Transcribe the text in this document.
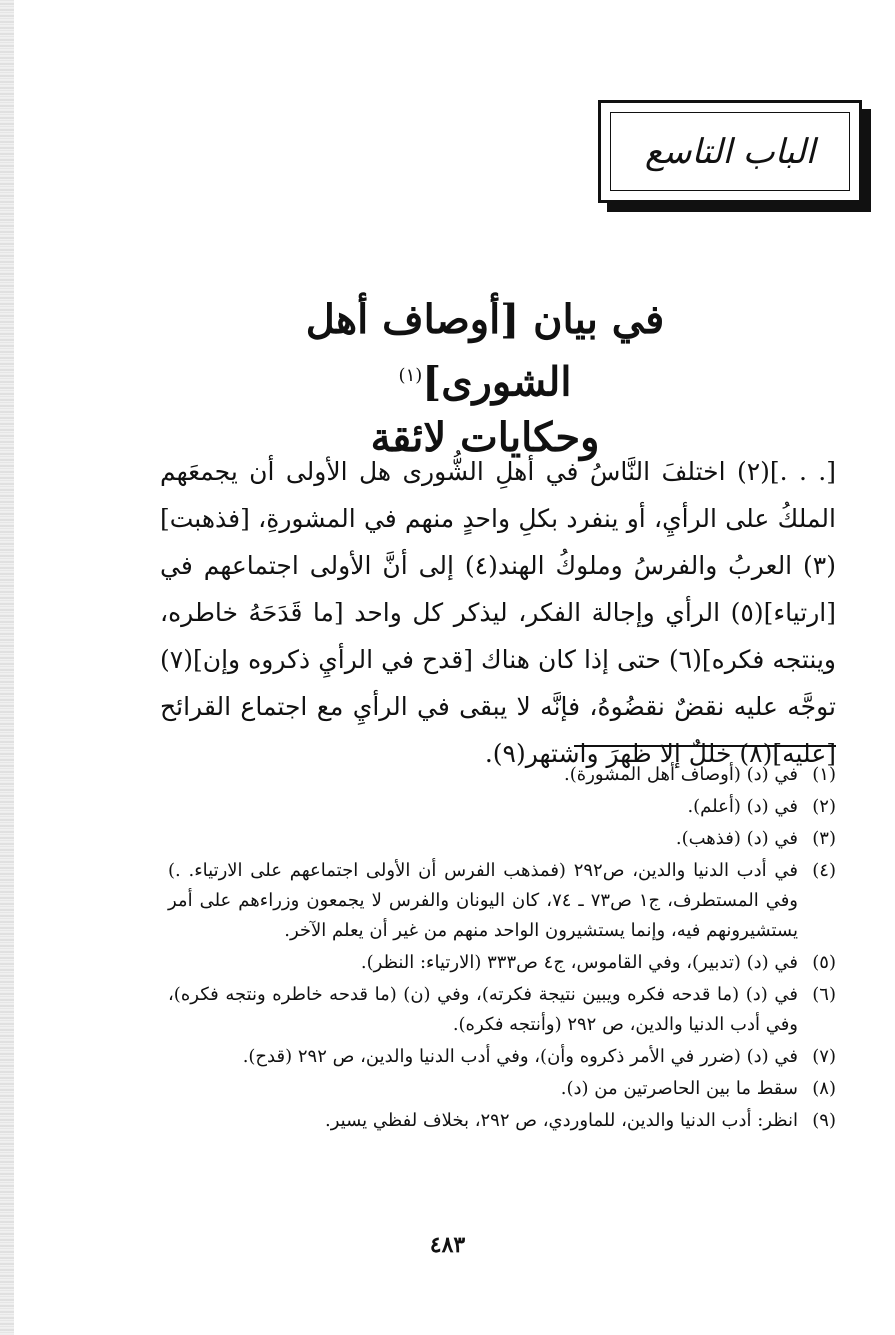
الباب التاسع
في بيان [أوصاف أهل الشورى]$^{(١)}$
وحكايات لائقة

[. . .](٢) اختلفَ النَّاسُ في أهلِ الشُّورى هل الأولى أن يجمعَهم الملكُ على الرأيِ، أو ينفرد بكلِ واحدٍ منهم في المشورةِ، [فذهبت](٣) العربُ والفرسُ وملوكُ الهند(٤) إلى أنَّ الأولى اجتماعهم في [ارتياء](٥) الرأي وإجالة الفكر، ليذكر كل واحد [ما قَدَحَهُ خاطره، وينتجه فكره](٦) حتى إذا كان هناك [قدح في الرأيِ ذكروه وإن](٧) توجَّه عليه نقضٌ نقضُوهُ، فإنَّه لا يبقى في الرأيِ مع اجتماع القرائح [عليه](٨) خللٌ إلا ظهرَ واشتهر(٩).

(١)
في (د) (أوصاف أهل المشورة).
(٢)
في (د) (أعلم).
(٣)
في (د) (فذهب).
(٤)
في أدب الدنيا والدين، ص٢٩٢ (فمذهب الفرس أن الأولى اجتماعهم على الارتياء. .) وفي المستطرف، ج١ ص٧٣ ـ ٧٤، كان اليونان والفرس لا يجمعون وزراءهم على أمر يستشيرونهم فيه، وإنما يستشيرون الواحد منهم من غير أن يعلم الآخر.
(٥)
في (د) (تدبير)، وفي القاموس، ج٤ ص٣٣٣ (الارتياء: النظر).
(٦)
في (د) (ما قدحه فكره ويبين نتيجة فكرته)، وفي (ن) (ما قدحه خاطره ونتجه فكره)، وفي أدب الدنيا والدين، ص ٢٩٢ (وأنتجه فكره).
(٧)
في (د) (ضرر في الأمر ذكروه وأن)، وفي أدب الدنيا والدين، ص ٢٩٢ (قدح).
(٨)
سقط ما بين الحاصرتين من (د).
(٩)
انظر: أدب الدنيا والدين، للماوردي، ص ٢٩٢، بخلاف لفظي يسير.
٤٨٣
